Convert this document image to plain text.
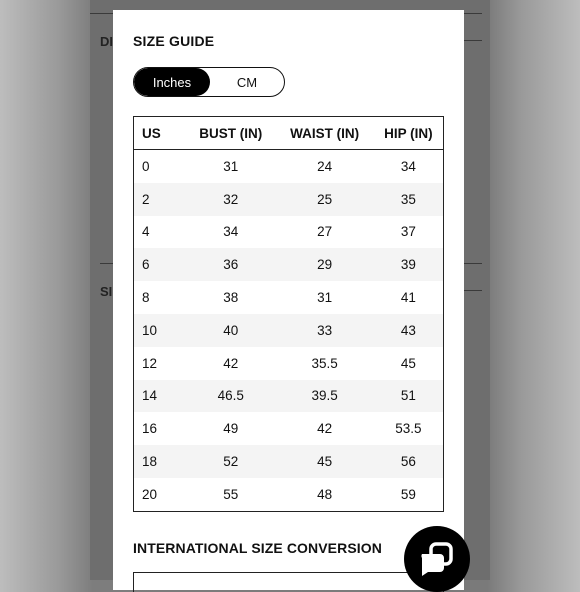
DI
SI
SIZE GUIDE
Inches	CM
US	BUST (IN)	WAIST (IN)	HIP (IN)
0	31	24	34
2	32	25	35
4	34	27	37
6	36	29	39
8	38	31	41
10	40	33	43
12	42	35.5	45
14	46.5	39.5	51
16	49	42	53.5
18	52	45	56
20	55	48	59
INTERNATIONAL SIZE CONVERSION
